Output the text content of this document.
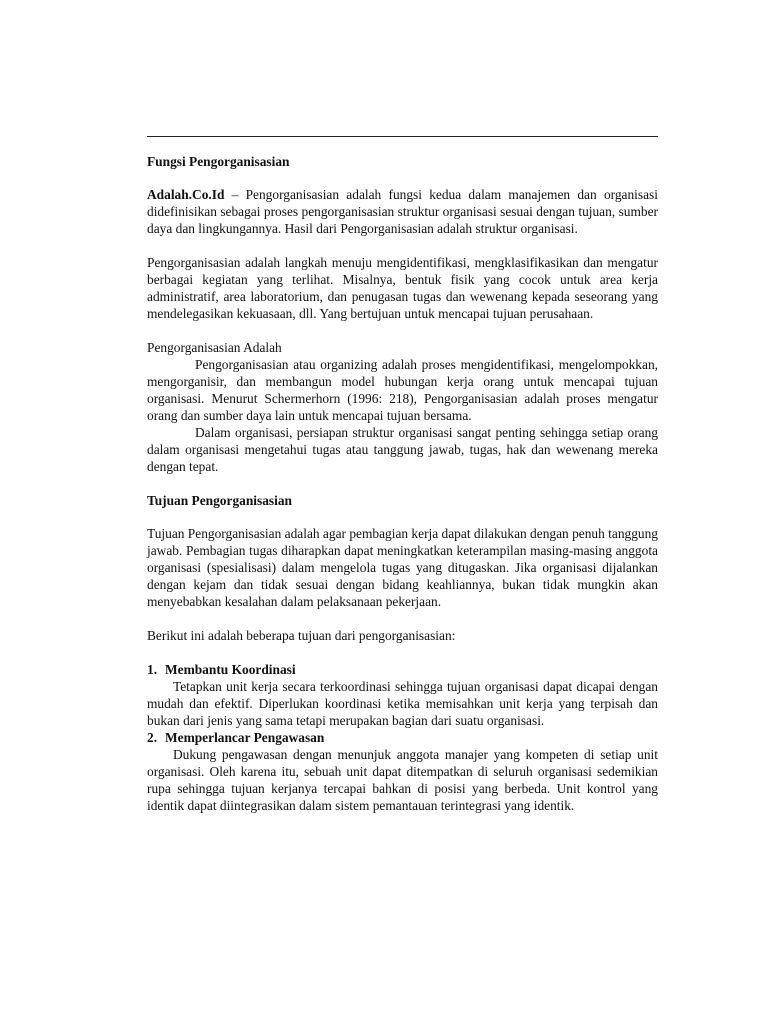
Fungsi Pengorganisasian

Adalah.Co.Id – Pengorganisasian adalah fungsi kedua dalam manajemen dan organisasi didefinisikan sebagai proses pengorganisasian struktur organisasi sesuai dengan tujuan, sumber daya dan lingkungannya. Hasil dari Pengorganisasian adalah struktur organisasi.

Pengorganisasian adalah langkah menuju mengidentifikasi, mengklasifikasikan dan mengatur berbagai kegiatan yang terlihat. Misalnya, bentuk fisik yang cocok untuk area kerja administratif, area laboratorium, dan penugasan tugas dan wewenang kepada seseorang yang mendelegasikan kekuasaan, dll. Yang bertujuan untuk mencapai tujuan perusahaan.

Pengorganisasian Adalah

Pengorganisasian atau organizing adalah proses mengidentifikasi, mengelompokkan, mengorganisir, dan membangun model hubungan kerja orang untuk mencapai tujuan organisasi. Menurut Schermerhorn (1996: 218), Pengorganisasian adalah proses mengatur orang dan sumber daya lain untuk mencapai tujuan bersama.

Dalam organisasi, persiapan struktur organisasi sangat penting sehingga setiap orang dalam organisasi mengetahui tugas atau tanggung jawab, tugas, hak dan wewenang mereka dengan tepat.

Tujuan Pengorganisasian

Tujuan Pengorganisasian adalah agar pembagian kerja dapat dilakukan dengan penuh tanggung jawab. Pembagian tugas diharapkan dapat meningkatkan keterampilan masing-masing anggota organisasi (spesialisasi) dalam mengelola tugas yang ditugaskan. Jika organisasi dijalankan dengan kejam dan tidak sesuai dengan bidang keahliannya, bukan tidak mungkin akan menyebabkan kesalahan dalam pelaksanaan pekerjaan.

Berikut ini adalah beberapa tujuan dari pengorganisasian:

1. Membantu Koordinasi

Tetapkan unit kerja secara terkoordinasi sehingga tujuan organisasi dapat dicapai dengan mudah dan efektif. Diperlukan koordinasi ketika memisahkan unit kerja yang terpisah dan bukan dari jenis yang sama tetapi merupakan bagian dari suatu organisasi.

2. Memperlancar Pengawasan

Dukung pengawasan dengan menunjuk anggota manajer yang kompeten di setiap unit organisasi. Oleh karena itu, sebuah unit dapat ditempatkan di seluruh organisasi sedemikian rupa sehingga tujuan kerjanya tercapai bahkan di posisi yang berbeda. Unit kontrol yang identik dapat diintegrasikan dalam sistem pemantauan terintegrasi yang identik.
